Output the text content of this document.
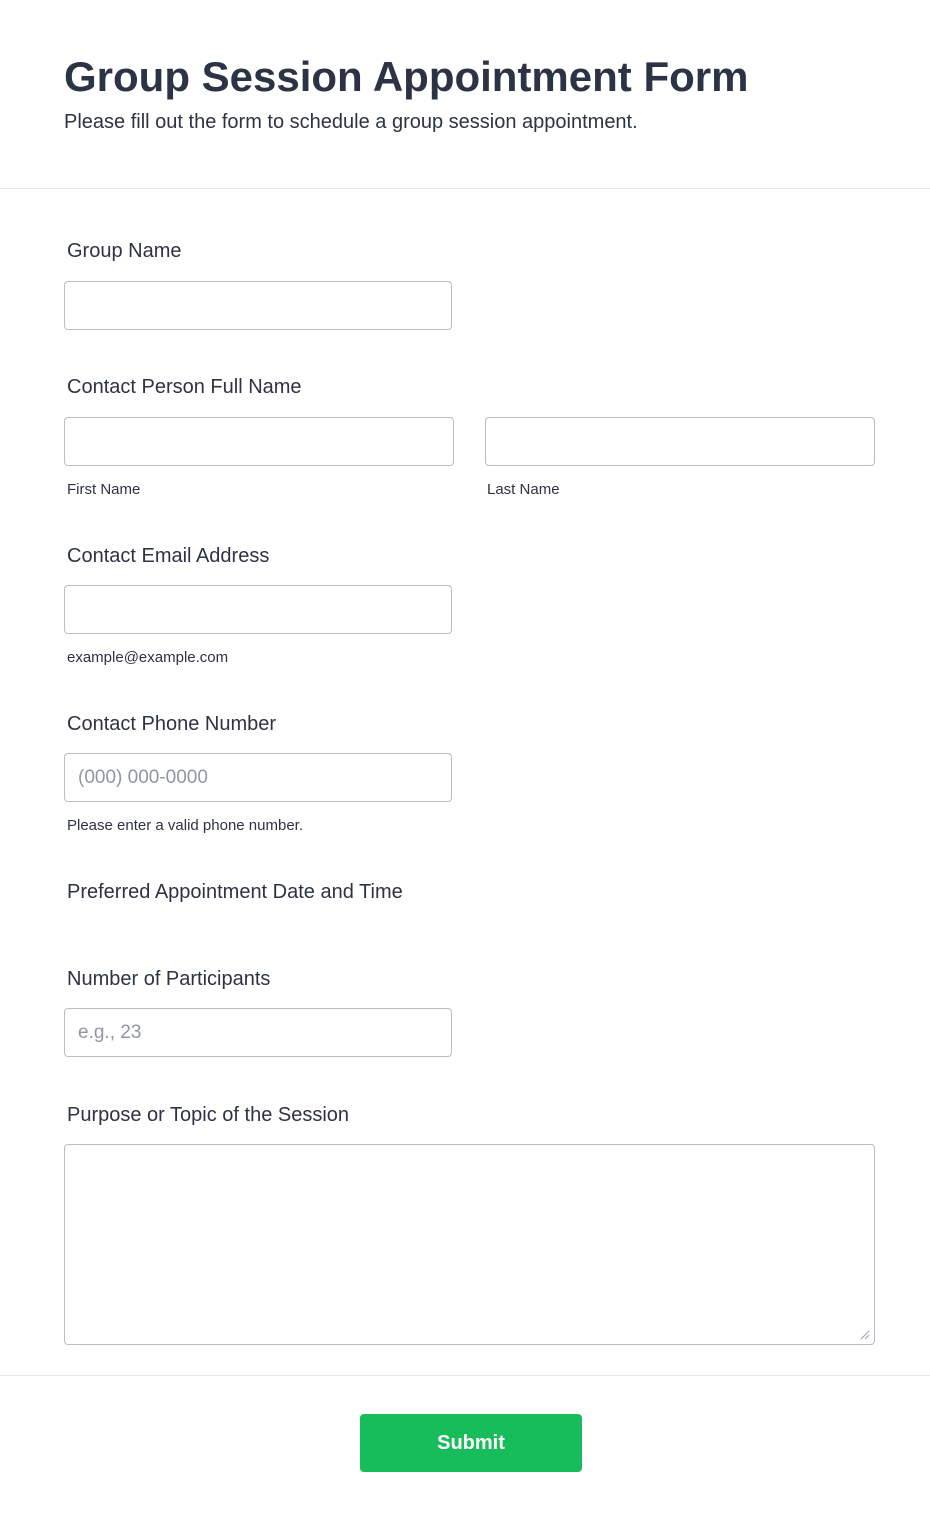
Group Session Appointment Form

Please fill out the form to schedule a group session appointment.

Group Name
Contact Person Full Name
First Name	Last Name
Contact Email Address
example@example.com
Contact Phone Number
(000) 000-0000
Please enter a valid phone number.
Preferred Appointment Date and Time
Number of Participants
e.g., 23
Purpose or Topic of the Session
Submit
